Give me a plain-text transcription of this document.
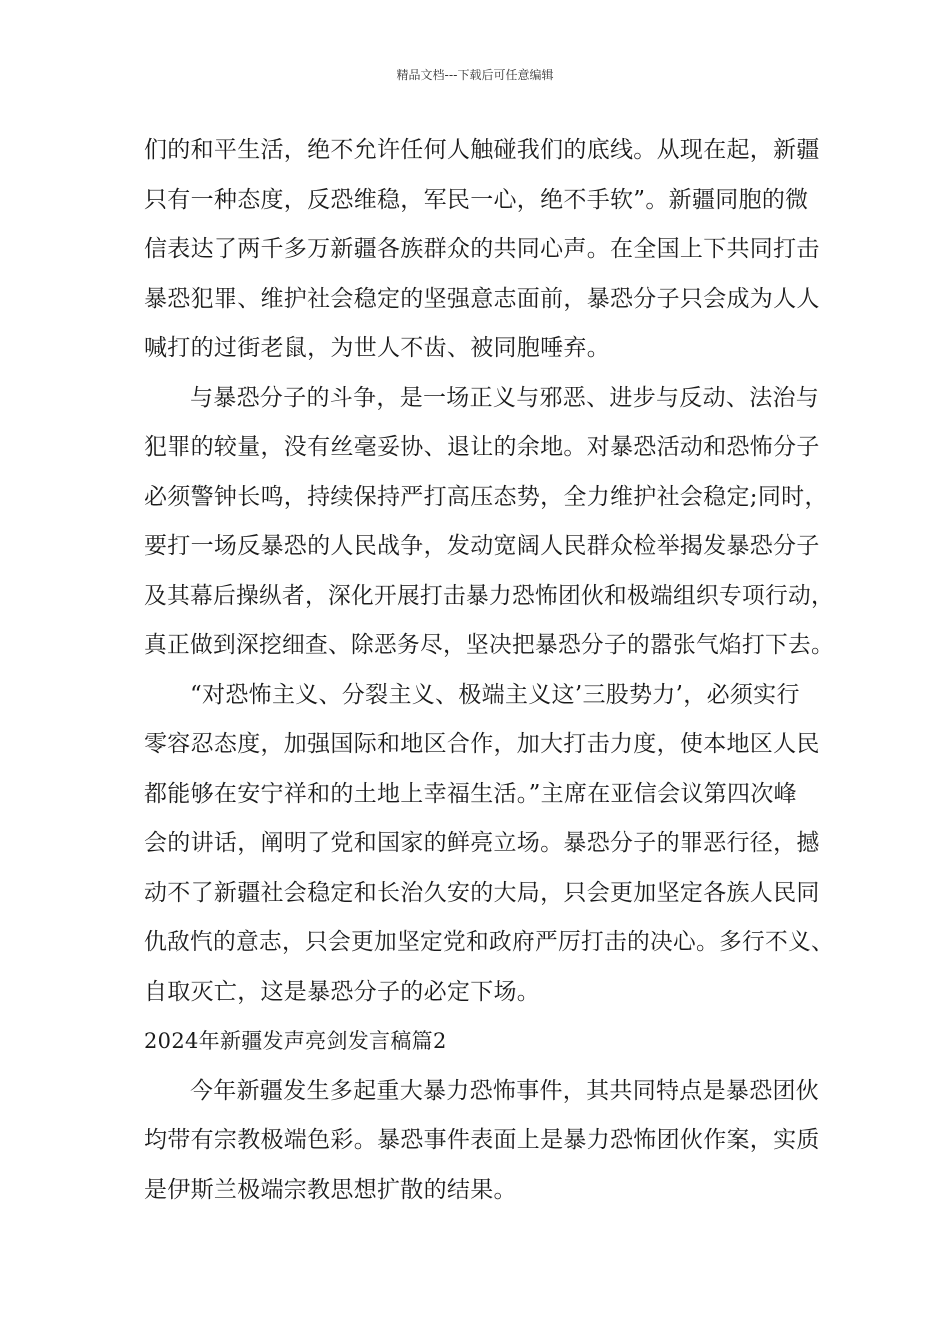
精品文档---下载后可任意编辑
们的和平生活，绝不允许任何人触碰我们的底线。从现在起，新疆
只有一种态度，反恐维稳，军民一心，绝不手软”。新疆同胞的微
信表达了两千多万新疆各族群众的共同心声。在全国上下共同打击
暴恐犯罪、维护社会稳定的坚强意志面前，暴恐分子只会成为人人
喊打的过街老鼠，为世人不齿、被同胞唾弃。
与暴恐分子的斗争，是一场正义与邪恶、进步与反动、法治与
犯罪的较量，没有丝毫妥协、退让的余地。对暴恐活动和恐怖分子
必须警钟长鸣，持续保持严打高压态势，全力维护社会稳定;同时，
要打一场反暴恐的人民战争，发动宽阔人民群众检举揭发暴恐分子
及其幕后操纵者，深化开展打击暴力恐怖团伙和极端组织专项行动，
真正做到深挖细查、除恶务尽，坚决把暴恐分子的嚣张气焰打下去。
“对恐怖主义、分裂主义、极端主义这’三股势力’，必须实行
零容忍态度，加强国际和地区合作，加大打击力度，使本地区人民
都能够在安宁祥和的土地上幸福生活。”主席在亚信会议第四次峰
会的讲话，阐明了党和国家的鲜亮立场。暴恐分子的罪恶行径，撼
动不了新疆社会稳定和长治久安的大局，只会更加坚定各族人民同
仇敌忾的意志，只会更加坚定党和政府严厉打击的决心。多行不义、
自取灭亡，这是暴恐分子的必定下场。
2024年新疆发声亮剑发言稿篇2
今年新疆发生多起重大暴力恐怖事件，其共同特点是暴恐团伙
均带有宗教极端色彩。暴恐事件表面上是暴力恐怖团伙作案，实质
是伊斯兰极端宗教思想扩散的结果。
